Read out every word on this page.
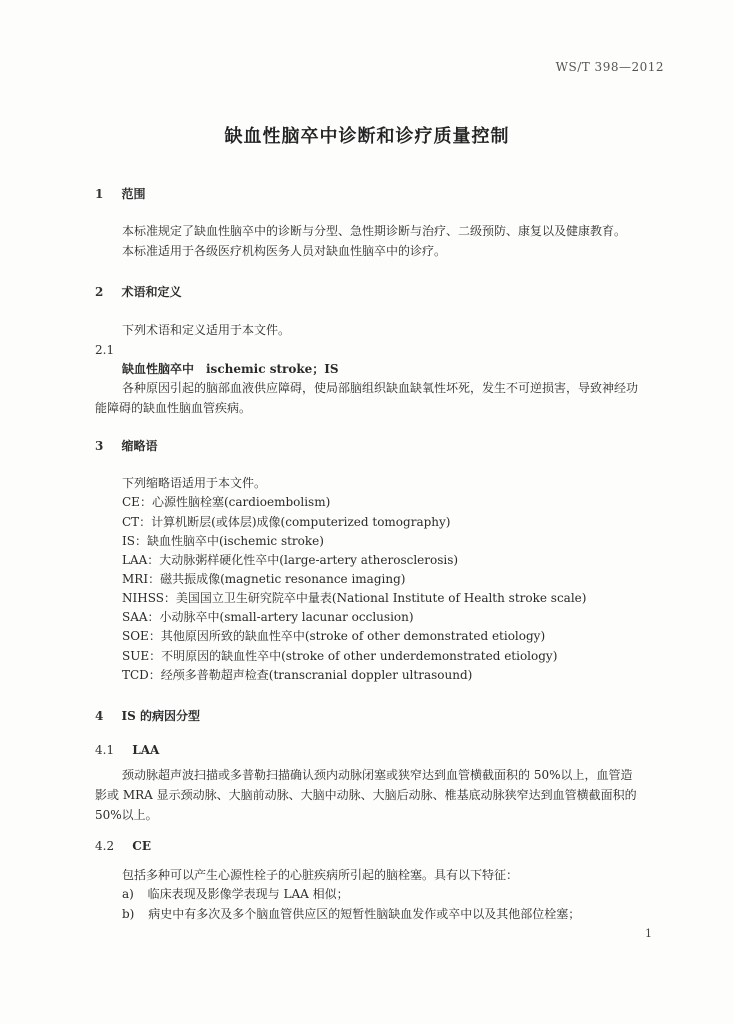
WS/T 398—2012
缺血性脑卒中诊断和诊疗质量控制
1 范围
本标准规定了缺血性脑卒中的诊断与分型、急性期诊断与治疗、二级预防、康复以及健康教育。
本标准适用于各级医疗机构医务人员对缺血性脑卒中的诊疗。
2 术语和定义
下列术语和定义适用于本文件。
2.1
缺血性脑卒中　ischemic stroke；IS
各种原因引起的脑部血液供应障碍，使局部脑组织缺血缺氧性坏死，发生不可逆损害，导致神经功
能障碍的缺血性脑血管疾病。
3 缩略语
下列缩略语适用于本文件。
CE：心源性脑栓塞(cardioembolism)
CT：计算机断层(或体层)成像(computerized tomography)
IS：缺血性脑卒中(ischemic stroke)
LAA：大动脉粥样硬化性卒中(large-artery atherosclerosis)
MRI：磁共振成像(magnetic resonance imaging)
NIHSS：美国国立卫生研究院卒中量表(National Institute of Health stroke scale)
SAA：小动脉卒中(small-artery lacunar occlusion)
SOE：其他原因所致的缺血性卒中(stroke of other demonstrated etiology)
SUE：不明原因的缺血性卒中(stroke of other underdemonstrated etiology)
TCD：经颅多普勒超声检查(transcranial doppler ultrasound)
4 IS 的病因分型
4.1 LAA
颈动脉超声波扫描或多普勒扫描确认颈内动脉闭塞或狭窄达到血管横截面积的 50%以上，血管造
影或 MRA 显示颈动脉、大脑前动脉、大脑中动脉、大脑后动脉、椎基底动脉狭窄达到血管横截面积的
50%以上。
4.2 CE
包括多种可以产生心源性栓子的心脏疾病所引起的脑栓塞。具有以下特征：
a) 临床表现及影像学表现与 LAA 相似；
b) 病史中有多次及多个脑血管供应区的短暂性脑缺血发作或卒中以及其他部位栓塞；
1
